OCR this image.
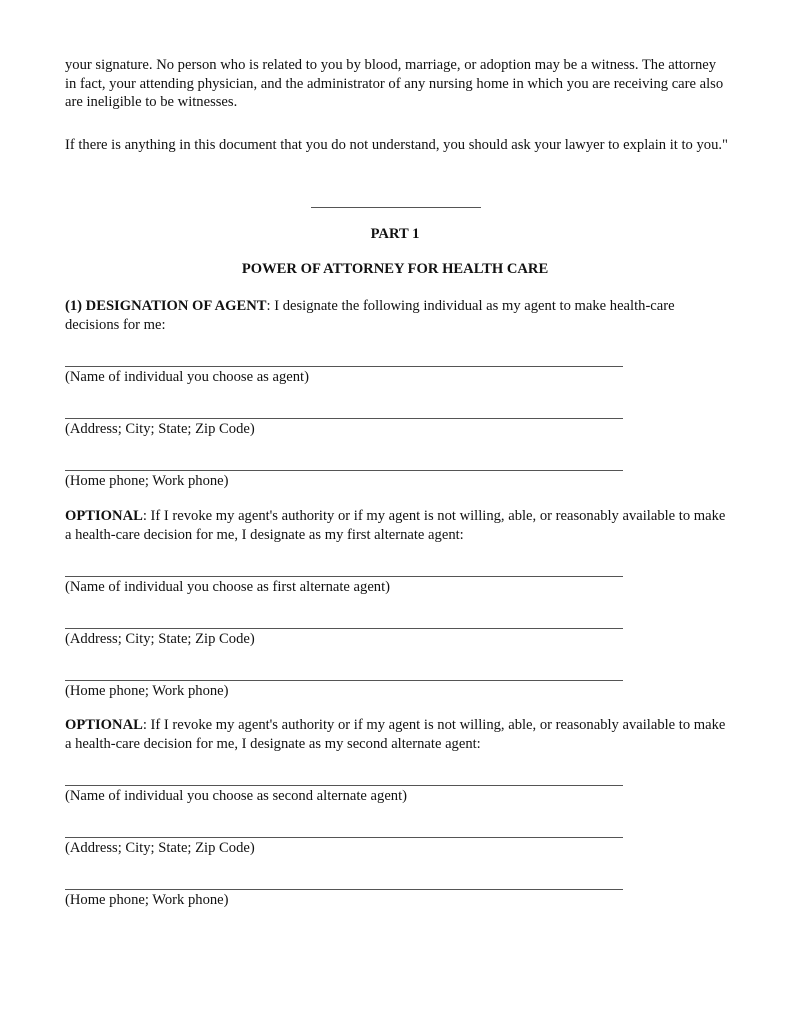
your signature. No person who is related to you by blood, marriage, or adoption may be a witness. The attorney in fact, your attending physician, and the administrator of any nursing home in which you are receiving care also are ineligible to be witnesses.

If there is anything in this document that you do not understand, you should ask your lawyer to explain it to you."

PART 1
POWER OF ATTORNEY FOR HEALTH CARE

(1) DESIGNATION OF AGENT: I designate the following individual as my agent to make health-care decisions for me:

(Name of individual you choose as agent)
(Address; City; State; Zip Code)
(Home phone; Work phone)

OPTIONAL: If I revoke my agent's authority or if my agent is not willing, able, or reasonably available to make a health-care decision for me, I designate as my first alternate agent:

(Name of individual you choose as first alternate agent)
(Address; City; State; Zip Code)
(Home phone; Work phone)

OPTIONAL: If I revoke my agent's authority or if my agent is not willing, able, or reasonably available to make a health-care decision for me, I designate as my second alternate agent:

(Name of individual you choose as second alternate agent)
(Address; City; State; Zip Code)
(Home phone; Work phone)
